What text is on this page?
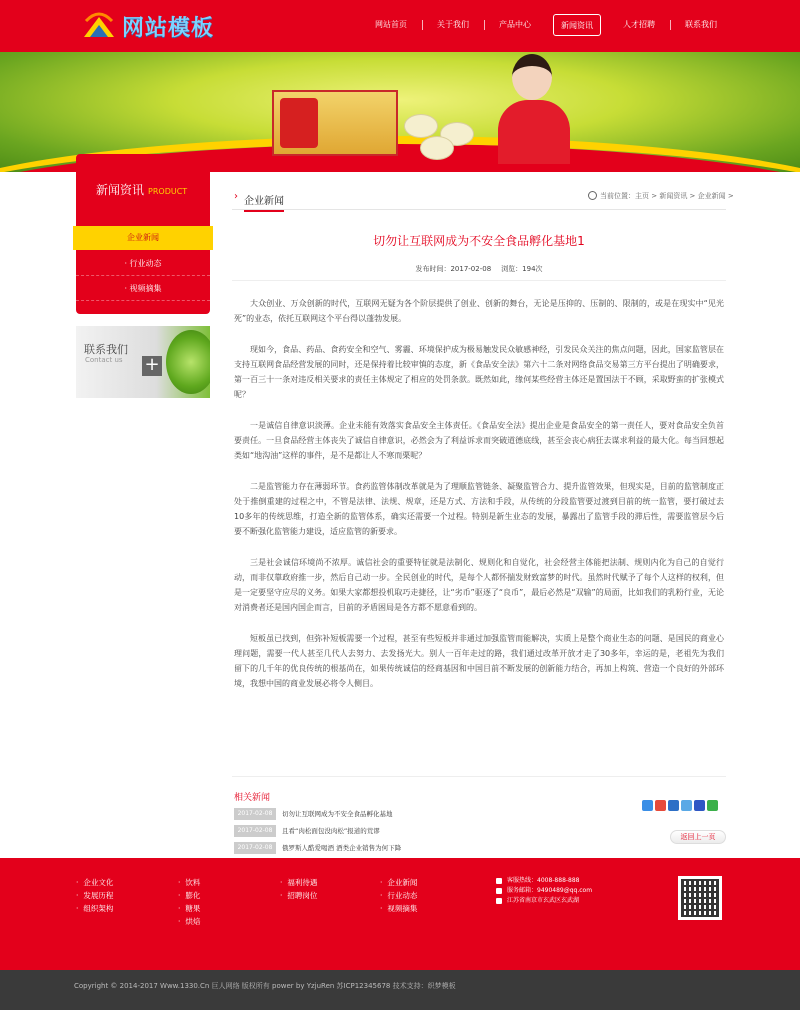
网站模板	网站首页	关于我们	产品中心	新闻资讯	人才招聘	联系我们
新闻资讯 PRODUCT
企业新闻
· 行业动态
· 视频摘集
联系我们
Contact us +
› 企业新闻	当前位置：主页 > 新闻资讯 > 企业新闻 >
切勿让互联网成为不安全食品孵化基地1
发布时间：2017-02-08 浏览：194次

大众创业、万众创新的时代，互联网无疑为各个阶层提供了创业、创新的舞台，无论是压抑的、压制的、限制的，或是在现实中“见光死”的业态，依托互联网这个平台得以蓬勃发展。

现如今，食品、药品、食药安全和空气、雾霾、环境保护成为极易触发民众敏感神经，引发民众关注的焦点问题，因此，国家监管层在支持互联网食品经营发展的同时，还是保持着比较审慎的态度，新《食品安全法》第六十二条对网络食品交易第三方平台提出了明确要求，第一百三十一条对违反相关要求的责任主体规定了相应的处罚条款。既然如此，缘何某些经营主体还是置国法于不顾，采取野蛮的扩张模式呢？

一是诚信自律意识淡薄。企业未能有效落实食品安全主体责任。《食品安全法》提出企业是食品安全的第一责任人，要对食品安全负首要责任。一旦食品经营主体丧失了诚信自律意识，必然会为了利益诉求而突破道德底线，甚至会丧心病狂去谋求利益的最大化。每当回想起类如“地沟油”这样的事件，是不是都让人不寒而栗呢？

二是监管能力存在薄弱环节。食药监管体制改革就是为了理顺监管链条、凝聚监管合力、提升监管效果，但现实是，目前的监管制度正处于推倒重建的过程之中，不管是法律、法规、规章，还是方式、方法和手段，从传统的分段监管要过渡到目前的统一监管，要打破过去10多年的传统思维，打造全新的监管体系，确实还需要一个过程。特别是新生业态的发展，暴露出了监管手段的滞后性，需要监管层今后要不断强化监管能力建设，适应监管的新要求。

三是社会诚信环境尚不浓厚。诚信社会的重要特征就是法制化、规则化和自觉化，社会经营主体能把法制、规则内化为自己的自觉行动，而非仅靠政府推一步，然后自己动一步。全民创业的时代，是每个人都怀揣发财致富梦的时代。虽然时代赋予了每个人这样的权利，但是一定要坚守应尽的义务。如果大家都想投机取巧走捷径，让“劣币”驱逐了“良币”，最后必然是“双输”的局面，比如我们的乳粉行业，无论对消费者还是国内国企而言，目前的矛盾困局是各方都不愿意看到的。

短板虽已找到，但弥补短板需要一个过程，甚至有些短板并非通过加强监管而能解决，实质上是整个商业生态的问题、是国民的商业心理问题，需要一代人甚至几代人去努力、去发扬光大。别人一百年走过的路，我们通过改革开放才走了30多年，幸运的是，老祖先为我们留下的几千年的优良传统的根基尚在，如果传统诚信的经商基因和中国目前不断发展的创新能力结合，再加上构筑、营造一个良好的外部环境，我想中国的商业发展必将令人侧目。

相关新闻
2017-02-08	切勿让互联网成为不安全食品孵化基地
2017-02-08	且看“肉松面包没肉松”报道的荒谬
2017-02-08	俄罗斯人酷爱喝酒 酒类企业销售为何下降
返回上一页
· 企业文化
· 发展历程
· 组织架构
· 饮料
· 膨化
· 糖果
· 烘焙
· 福利待遇
· 招聘岗位
· 企业新闻
· 行业动态
· 视频摘集
客服热线：4008-888-888
服务邮箱：9490489@qq.com
江苏省南京市玄武区玄武湖
Copyright © 2014-2017 Www.1330.Cn 巨人网络 版权所有 power by YzjuRen 苏ICP12345678 技术支持：织梦模板
